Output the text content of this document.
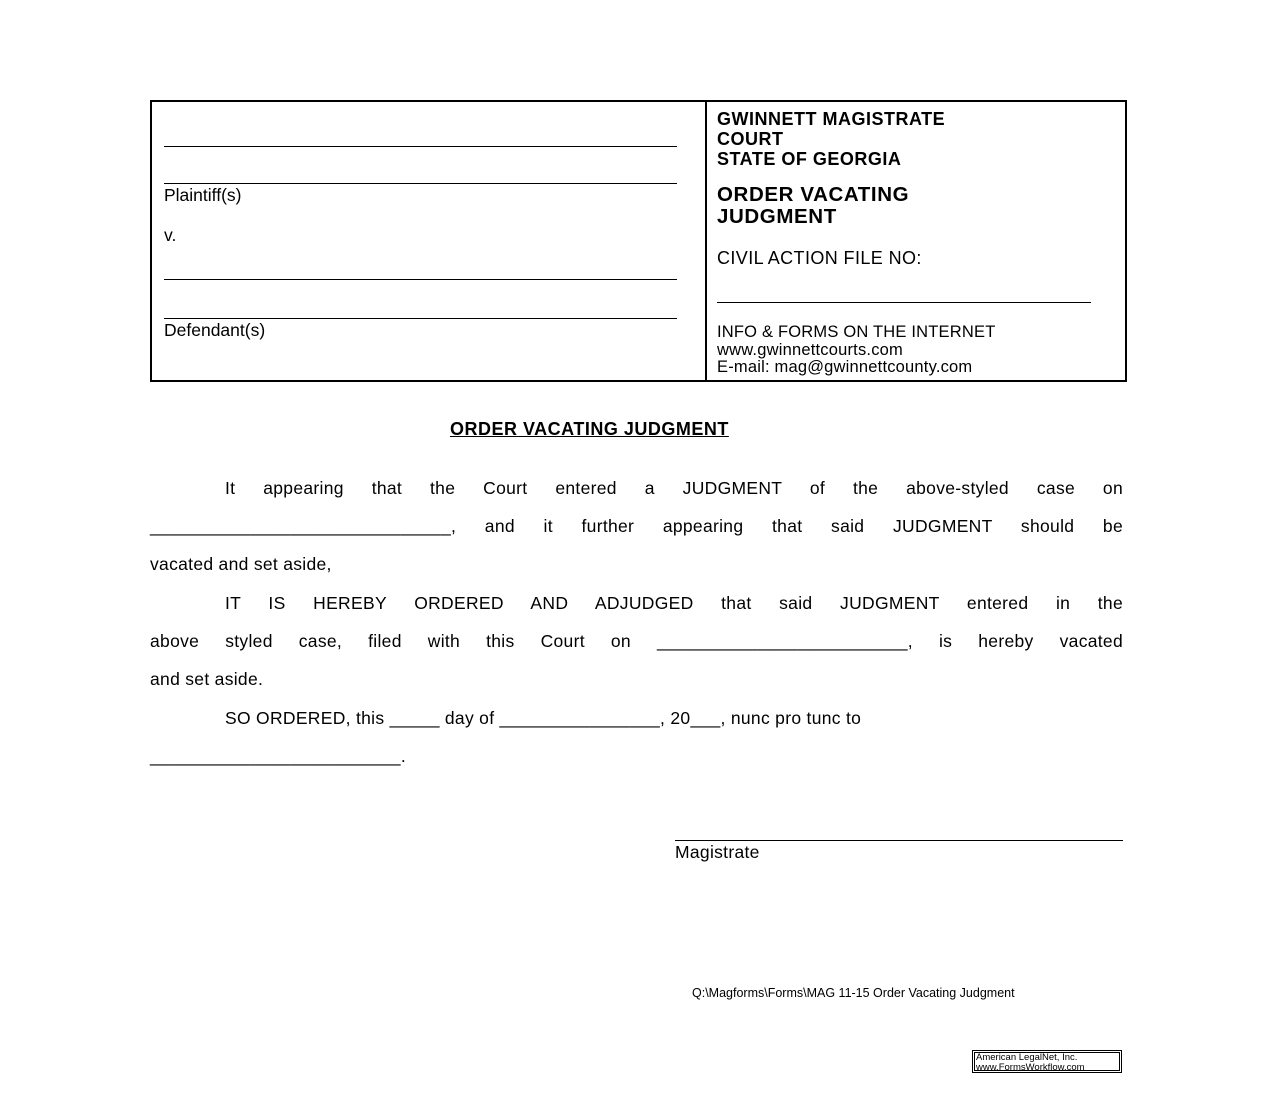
Plaintiff(s)
v.
Defendant(s)
GWINNETT MAGISTRATE
COURT
STATE OF GEORGIA
ORDER VACATING
JUDGMENT
CIVIL ACTION FILE NO:
INFO & FORMS ON THE INTERNET
www.gwinnettcourts.com
E-mail: mag@gwinnettcounty.com
ORDER VACATING JUDGMENT
It appearing that the Court entered a JUDGMENT of the above-styled case on
______________________________, and it further appearing that said JUDGMENT should be
vacated and set aside,
IT IS HEREBY ORDERED AND ADJUDGED that said JUDGMENT entered in the
above styled case, filed with this Court on _________________________, is hereby vacated
and set aside.
SO ORDERED, this _____ day of ________________, 20___, nunc pro tunc to
_________________________.
Magistrate
Q:\Magforms\Forms\MAG 11-15 Order Vacating Judgment
American LegalNet, Inc.
www.FormsWorkflow.com
